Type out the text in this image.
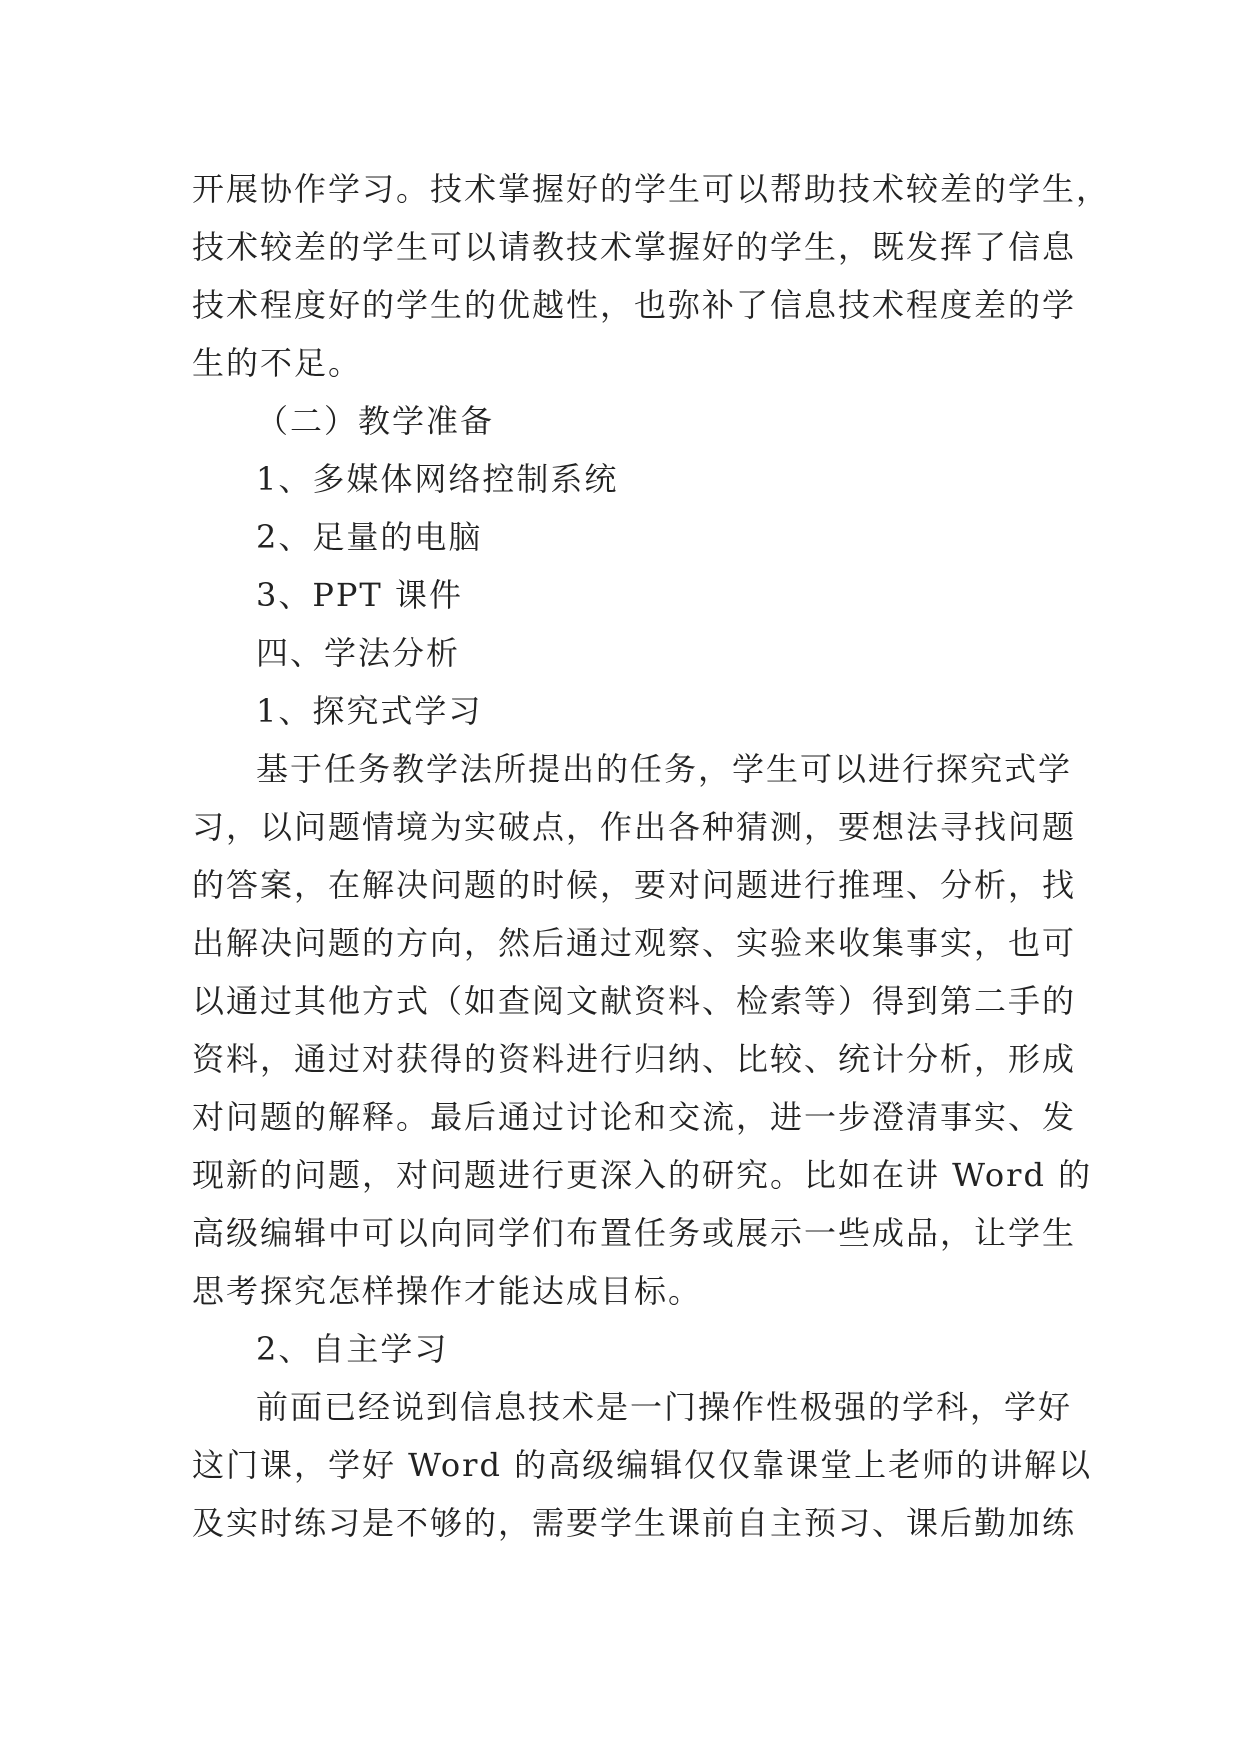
开展协作学习。技术掌握好的学生可以帮助技术较差的学生，
技术较差的学生可以请教技术掌握好的学生，既发挥了信息
技术程度好的学生的优越性，也弥补了信息技术程度差的学
生的不足。
（二）教学准备
1、多媒体网络控制系统
2、足量的电脑
3、PPT 课件
四、学法分析
1、探究式学习
基于任务教学法所提出的任务，学生可以进行探究式学
习，以问题情境为实破点，作出各种猜测，要想法寻找问题
的答案，在解决问题的时候，要对问题进行推理、分析，找
出解决问题的方向，然后通过观察、实验来收集事实，也可
以通过其他方式（如查阅文献资料、检索等）得到第二手的
资料，通过对获得的资料进行归纳、比较、统计分析，形成
对问题的解释。最后通过讨论和交流，进一步澄清事实、发
现新的问题，对问题进行更深入的研究。比如在讲 Word 的
高级编辑中可以向同学们布置任务或展示一些成品，让学生
思考探究怎样操作才能达成目标。
2、自主学习
前面已经说到信息技术是一门操作性极强的学科，学好
这门课，学好 Word 的高级编辑仅仅靠课堂上老师的讲解以
及实时练习是不够的，需要学生课前自主预习、课后勤加练
